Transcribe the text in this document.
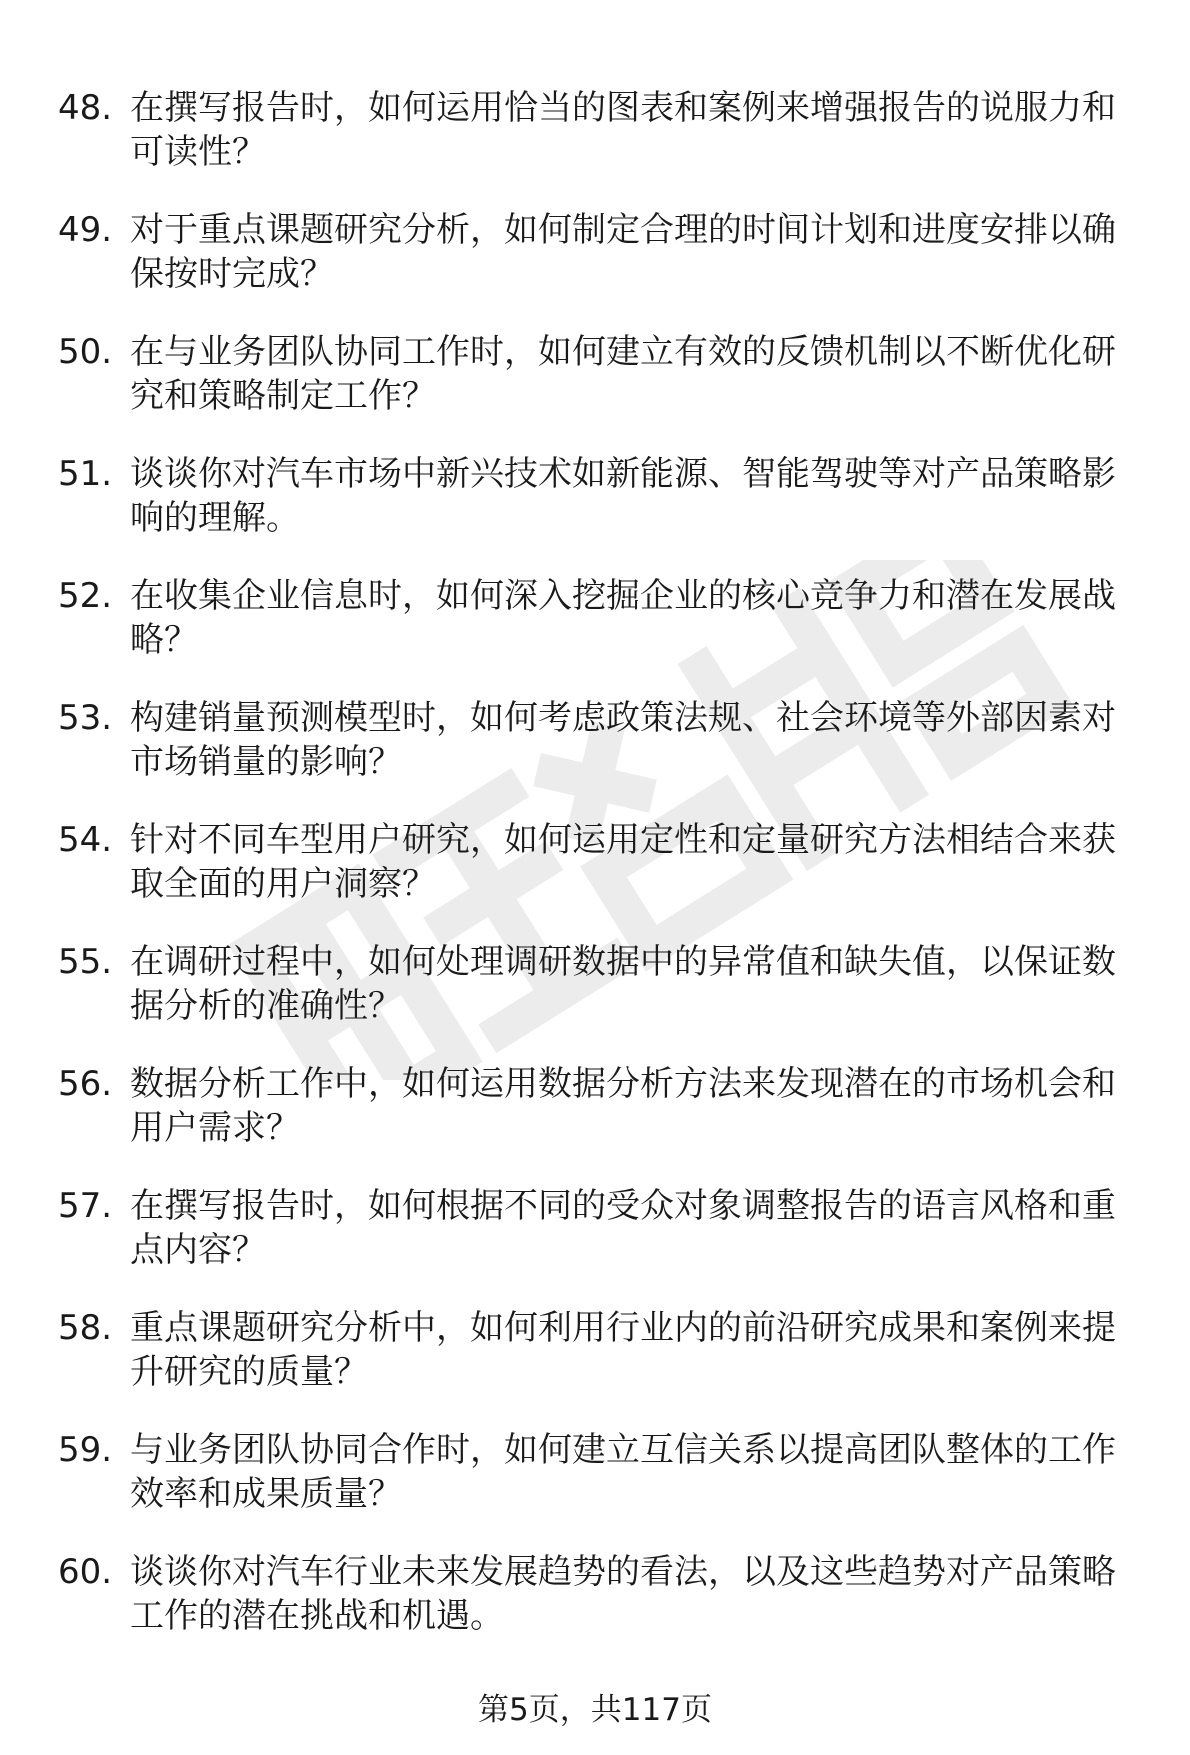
48. 在撰写报告时，如何运用恰当的图表和案例来增强报告的说服力和可读性？
49. 对于重点课题研究分析，如何制定合理的时间计划和进度安排以确保按时完成？
50. 在与业务团队协同工作时，如何建立有效的反馈机制以不断优化研究和策略制定工作？
51. 谈谈你对汽车市场中新兴技术如新能源、智能驾驶等对产品策略影响的理解。
52. 在收集企业信息时，如何深入挖掘企业的核心竞争力和潜在发展战略？
53. 构建销量预测模型时，如何考虑政策法规、社会环境等外部因素对市场销量的影响？
54. 针对不同车型用户研究，如何运用定性和定量研究方法相结合来获取全面的用户洞察？
55. 在调研过程中，如何处理调研数据中的异常值和缺失值，以保证数据分析的准确性？
56. 数据分析工作中，如何运用数据分析方法来发现潜在的市场机会和用户需求？
57. 在撰写报告时，如何根据不同的受众对象调整报告的语言风格和重点内容？
58. 重点课题研究分析中，如何利用行业内的前沿研究成果和案例来提升研究的质量？
59. 与业务团队协同合作时，如何建立互信关系以提高团队整体的工作效率和成果质量？
60. 谈谈你对汽车行业未来发展趋势的看法，以及这些趋势对产品策略工作的潜在挑战和机遇。
第5页，共117页
